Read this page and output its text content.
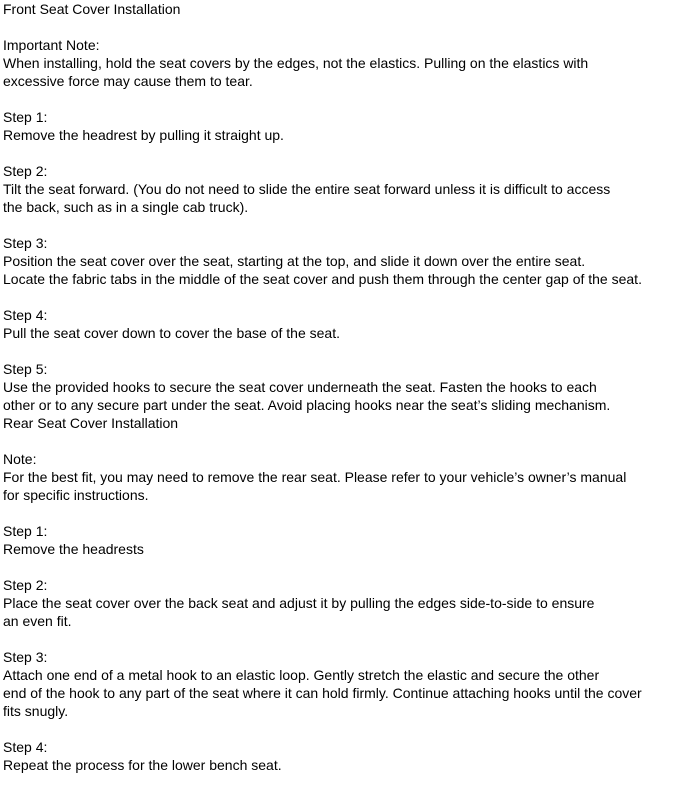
Front Seat Cover Installation
Important Note:
When installing, hold the seat covers by the edges, not the elastics. Pulling on the elastics with
excessive force may cause them to tear.
Step 1:
Remove the headrest by pulling it straight up.
Step 2:
Tilt the seat forward. (You do not need to slide the entire seat forward unless it is difficult to access
the back, such as in a single cab truck).
Step 3:
Position the seat cover over the seat, starting at the top, and slide it down over the entire seat.
Locate the fabric tabs in the middle of the seat cover and push them through the center gap of the seat.
Step 4:
Pull the seat cover down to cover the base of the seat.
Step 5:
Use the provided hooks to secure the seat cover underneath the seat. Fasten the hooks to each
other or to any secure part under the seat. Avoid placing hooks near the seat’s sliding mechanism.
Rear Seat Cover Installation
Note:
For the best fit, you may need to remove the rear seat. Please refer to your vehicle’s owner’s manual
for specific instructions.
Step 1:
Remove the headrests
Step 2:
Place the seat cover over the back seat and adjust it by pulling the edges side-to-side to ensure
an even fit.
Step 3:
Attach one end of a metal hook to an elastic loop. Gently stretch the elastic and secure the other
end of the hook to any part of the seat where it can hold firmly. Continue attaching hooks until the cover
fits snugly.
Step 4:
Repeat the process for the lower bench seat.
